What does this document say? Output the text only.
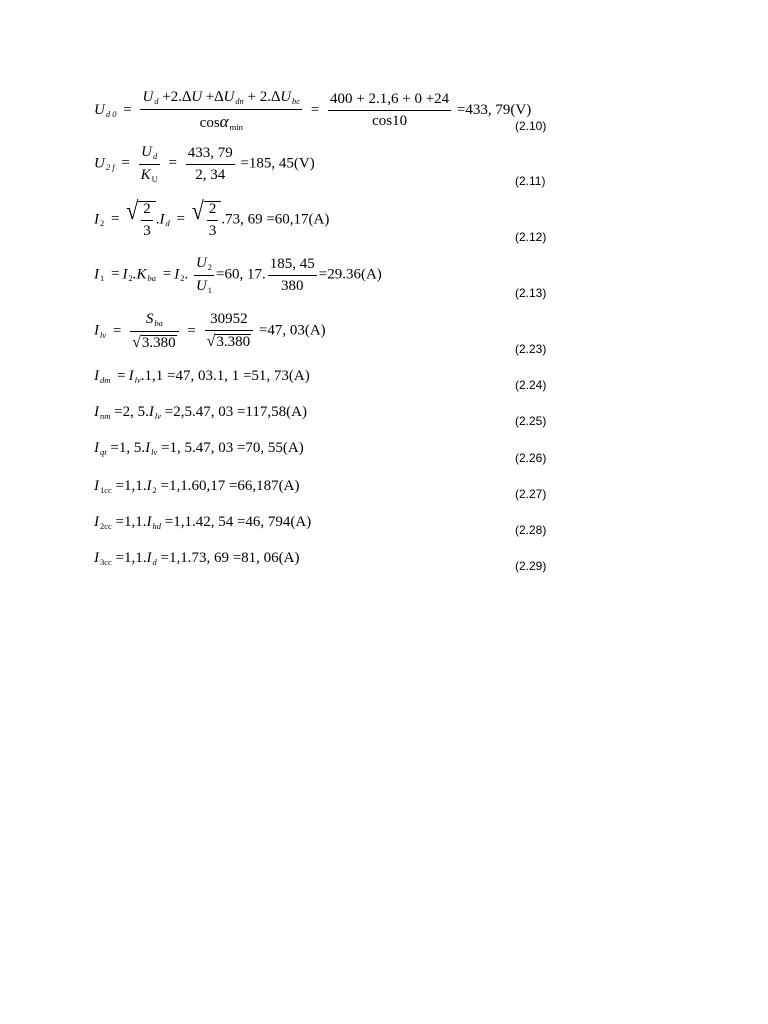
$U_{d 0} = \frac{U_d +2.\Delta U +\Delta U_{dn} + 2.\Delta U_{bc}}{\cos\alpha_{min}} = \frac{400 + 2.1,6 + 0 +24}{\cos 10} =433$, 79(V)
(2.10)
$U_{2 f} = \frac{U_d}{K_U} = \frac{433, 79}{2, 34} =185$, 45(V)
(2.11)
$I_2$ = √ $\frac{2}{3} .I_d$ = √ $\frac{2}{3} .73$, 69 =60,17(A)
(2.12)
$I_1 = I_2.K_{ba} = I_2$. $\frac{U_2}{U_1} =60$, 17. $\frac{185, 45}{380} =29.36(A)$
(2.13)
$I_{lv} = \frac{S_{ba}}{√ 3.380} = \frac{30952}{√ 3.380} =47$, 03(A)
(2.23)
$I_{dm} = I_{lv}.1,1 =47$, 03.1, 1 =51, 73(A)
(2.24)
$I_{nm} =2$, $5.I_{lv} =2,5.47$, 03 =117,58(A)
(2.25)
$I_{qt} =1$, $5.I_{lv} =1$, 5.47, 03 =70, 55(A)
(2.26)
$I_{1cc} =1,1.I_2 =1,1.60,17 =66,187(A)$	(2.27)
$I_{2cc} =1,1.I_{hd} =1,1.42$, 54 =46, 794(A)	(2.28)
$I_{3cc} =1,1.I_d =1,1.73$, 69 =81, 06(A)	(2.29)
